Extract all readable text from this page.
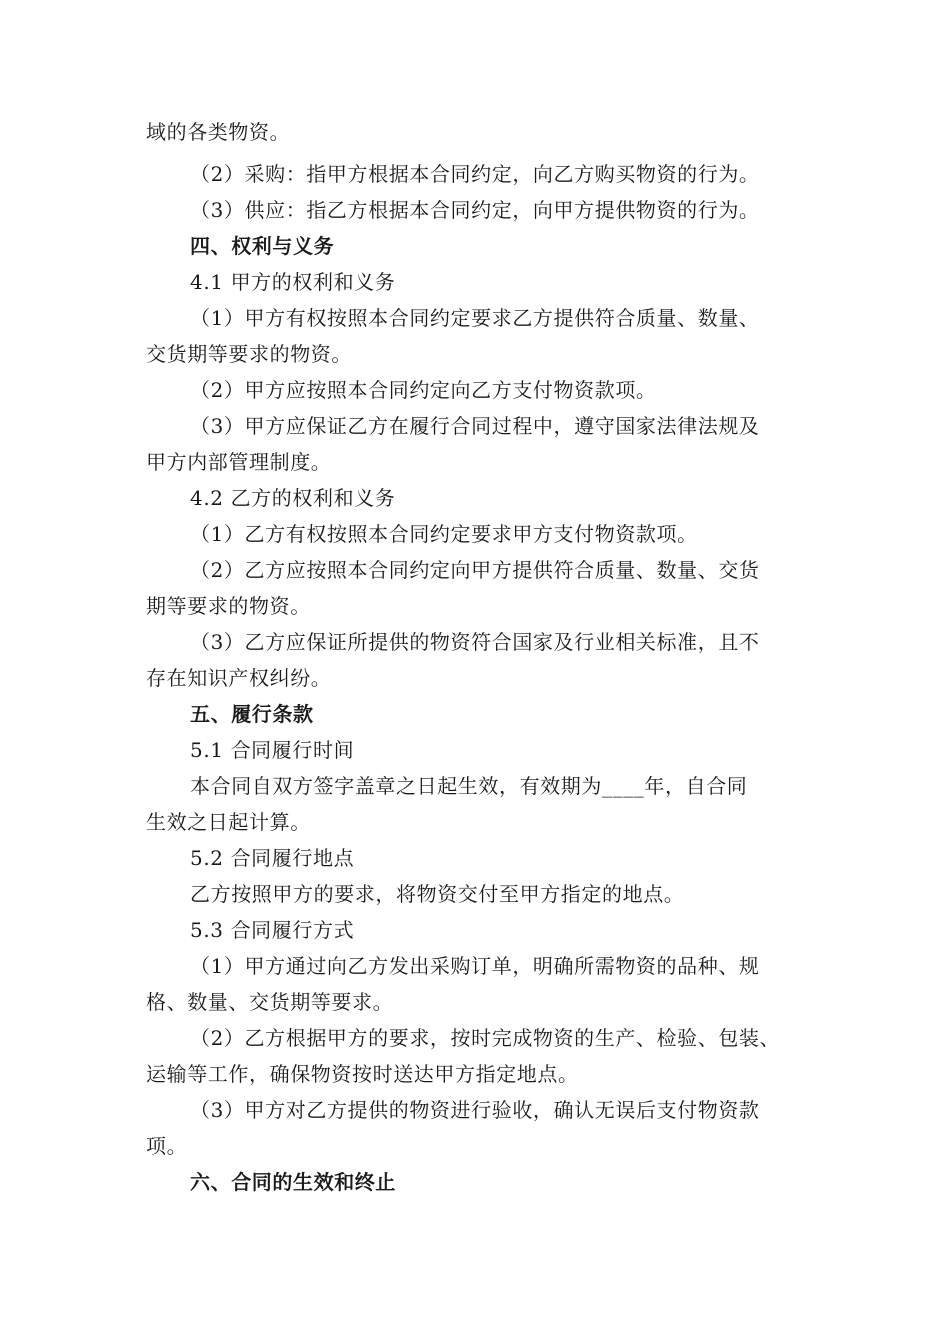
域的各类物资。
（2）采购：指甲方根据本合同约定，向乙方购买物资的行为。
（3）供应：指乙方根据本合同约定，向甲方提供物资的行为。
四、权利与义务
4.1 甲方的权利和义务
（1）甲方有权按照本合同约定要求乙方提供符合质量、数量、
交货期等要求的物资。
（2）甲方应按照本合同约定向乙方支付物资款项。
（3）甲方应保证乙方在履行合同过程中，遵守国家法律法规及
甲方内部管理制度。
4.2 乙方的权利和义务
（1）乙方有权按照本合同约定要求甲方支付物资款项。
（2）乙方应按照本合同约定向甲方提供符合质量、数量、交货
期等要求的物资。
（3）乙方应保证所提供的物资符合国家及行业相关标准，且不
存在知识产权纠纷。
五、履行条款
5.1 合同履行时间
本合同自双方签字盖章之日起生效，有效期为____年，自合同
生效之日起计算。
5.2 合同履行地点
乙方按照甲方的要求，将物资交付至甲方指定的地点。
5.3 合同履行方式
（1）甲方通过向乙方发出采购订单，明确所需物资的品种、规
格、数量、交货期等要求。
（2）乙方根据甲方的要求，按时完成物资的生产、检验、包装、
运输等工作，确保物资按时送达甲方指定地点。
（3）甲方对乙方提供的物资进行验收，确认无误后支付物资款
项。
六、合同的生效和终止
